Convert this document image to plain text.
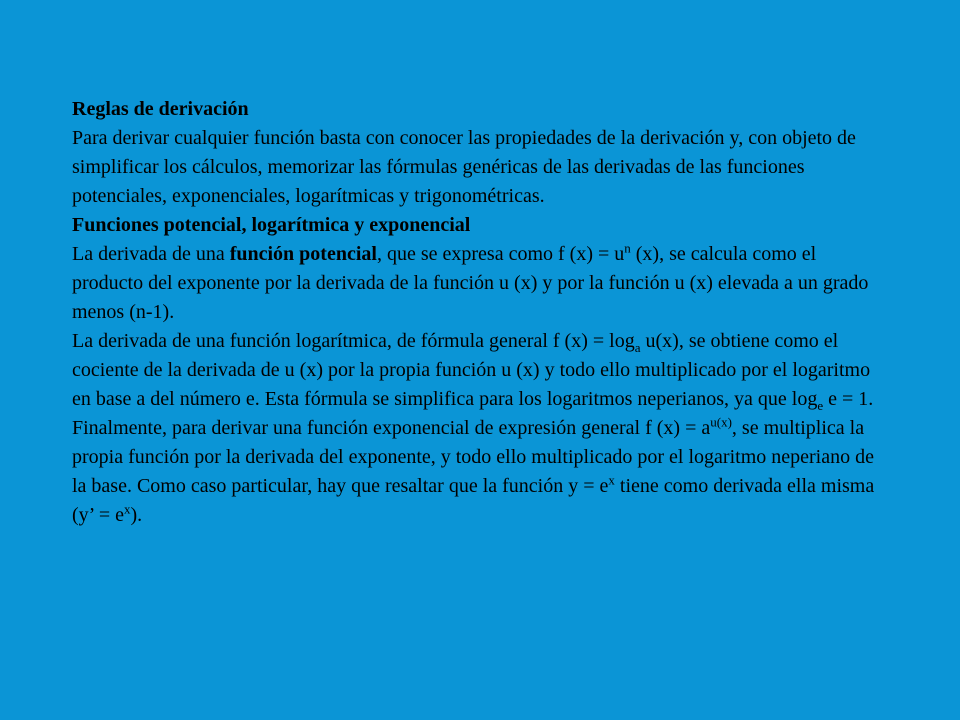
Reglas de derivación

Para derivar cualquier función basta con conocer las propiedades de la derivación y, con objeto de simplificar los cálculos, memorizar las fórmulas genéricas de las derivadas de las funciones potenciales, exponenciales, logarítmicas y trigonométricas.

Funciones potencial, logarítmica y exponencial

La derivada de una función potencial, que se expresa como f $(x) = u^n$ (x), se calcula como el producto del exponente por la derivada de la función u (x) y por la función u (x) elevada a un grado menos (n-1).

La derivada de una función logarítmica, de fórmula general f $(x) = \log_a u(x)$, se obtiene como el cociente de la derivada de u (x) por la propia función u (x) y todo ello multiplicado por el logaritmo en base a del número e. Esta fórmula se simplifica para los logaritmos neperianos, ya que $\log_e e = 1$.

Finalmente, para derivar una función exponencial de expresión general f $(x) = a^{u(x)}$, se multiplica la propia función por la derivada del exponente, y todo ello multiplicado por el logaritmo neperiano de la base. Como caso particular, hay que resaltar que la función $y = e^x$ tiene como derivada ella misma (y’ = $e^x$).
